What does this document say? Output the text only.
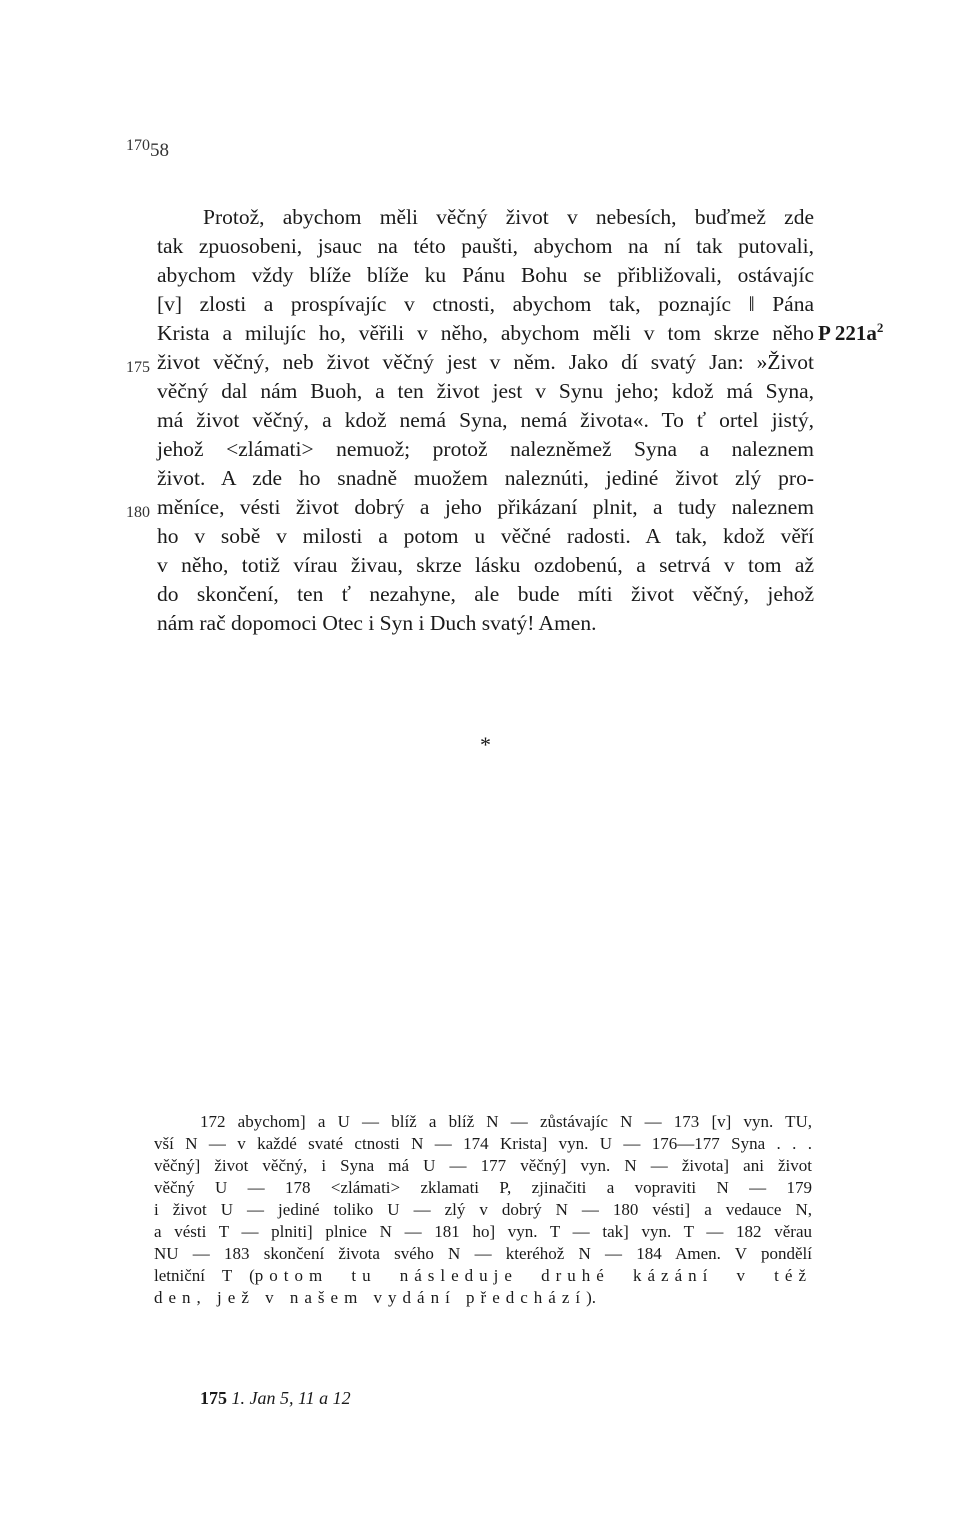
58
170
175
180
P $221a^2$
Protož, abychom měli věčný život v nebesích, buďmež zde
tak zpuosobeni, jsauc na této paušti, abychom na ní tak putovali,
abychom vždy blíže blíže ku Pánu Bohu se přibližovali, ostávajíc
[v] zlosti a prospívajíc v ctnosti, abychom tak, poznajíc ‖ Pána
Krista a milujíc ho, věřili v něho, abychom měli v tom skrze něho
život věčný, neb život věčný jest v něm. Jako dí svatý Jan: »Život
věčný dal nám Buoh, a ten život jest v Synu jeho; kdož má Syna,
má život věčný, a kdož nemá Syna, nemá života«. To ť ortel jistý,
jehož <zlámati> nemuož; protož nalezněmež Syna a naleznem
život. A zde ho snadně muožem naleznúti, jediné život zlý pro-
měníce, vésti život dobrý a jeho přikázaní plnit, a tudy naleznem
ho v sobě v milosti a potom u věčné radosti. A tak, kdož věří
v něho, totiž vírau živau, skrze lásku ozdobenú, a setrvá v tom až
do skončení, ten ť nezahyne, ale bude míti život věčný, jehož
nám rač dopomoci Otec i Syn i Duch svatý! Amen.
*
172 abychom] a U — blíž a blíž N — zůstávajíc N — 173 [v] vyn. TU,
vší N — v každé svaté ctnosti N — 174 Krista] vyn. U — 176—177 Syna . . .
věčný] život věčný, i Syna má U — 177 věčný] vyn. N — života] ani život
věčný U — 178 <zlámati> zklamati P, zjinačiti a vopraviti N — 179
i život U — jediné toliko U — zlý v dobrý N — 180 vésti] a vedauce N,
a vésti T — plniti] plnice N — 181 ho] vyn. T — tak] vyn. T — 182 věrau
NU — 183 skončení života svého N — kteréhož N — 184 Amen. V pondělí
letniční T (potom tu následuje druhé kázání v též
den, jež v našem vydání předchází).
175 1. Jan 5, 11 a 12
